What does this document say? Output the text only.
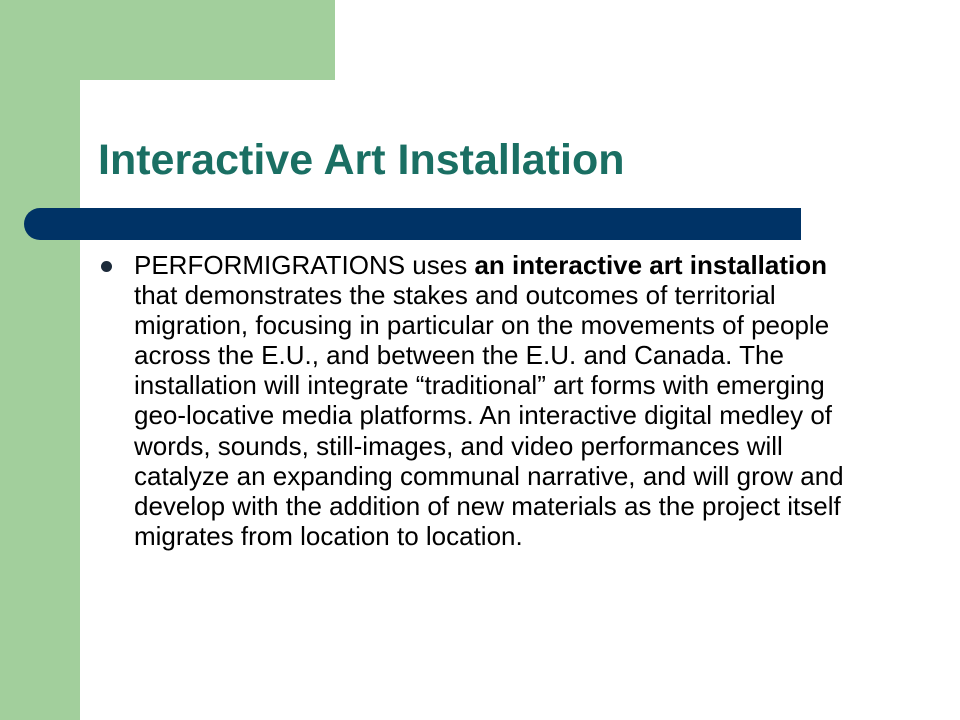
Interactive Art Installation
PERFORMIGRATIONS uses an interactive art installation that demonstrates the stakes and outcomes of territorial migration, focusing in particular on the movements of people across the E.U., and between the E.U. and Canada. The installation will integrate “traditional” art forms with emerging geo-locative media platforms. An interactive digital medley of words, sounds, still-images, and video performances will catalyze an expanding communal narrative, and will grow and develop with the addition of new materials as the project itself migrates from location to location.
